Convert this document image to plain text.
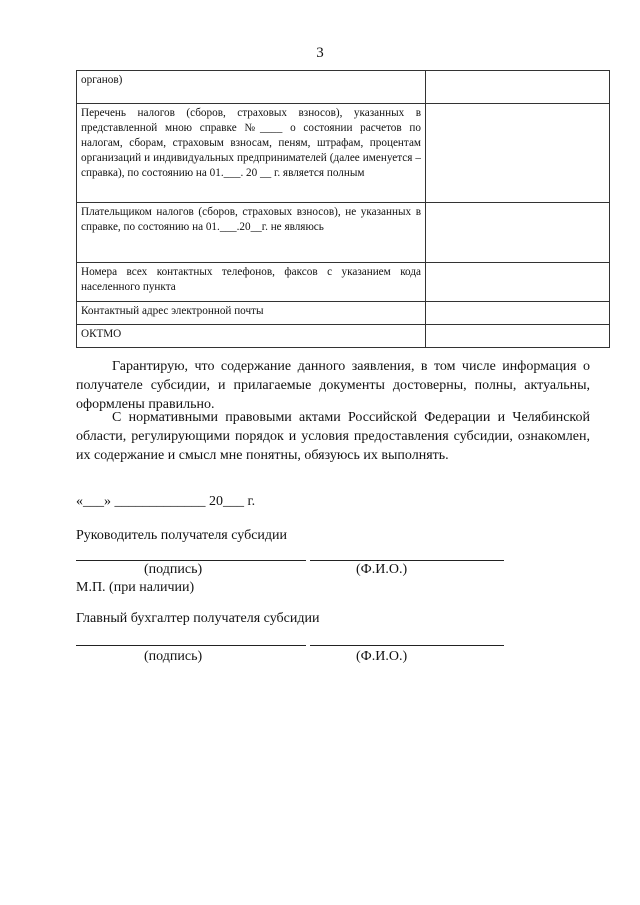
3
органов)	
Перечень налогов (сборов, страховых взносов), указанных в представленной мною справке №____ о состоянии расчетов по налогам, сборам, страховым взносам, пеням, штрафам, процентам организаций и индивидуальных предпринимателей (далее именуется – справка), по состоянию на 01.___. 20 __ г. является полным	
Плательщиком налогов (сборов, страховых взносов), не указанных в справке, по состоянию на 01.___.20__г. не являюсь	
Номера всех контактных телефонов, факсов с указанием кода населенного пункта	
Контактный адрес электронной почты	
ОКТМО	

Гарантирую, что содержание данного заявления, в том числе информация о получателе субсидии, и прилагаемые документы достоверны, полны, актуальны, оформлены правильно.

С нормативными правовыми актами Российской Федерации и Челябинской области, регулирующими порядок и условия предоставления субсидии, ознакомлен, их содержание и смысл мне понятны, обязуюсь их выполнять.

«___» _____________ 20___ г.
Руководитель получателя субсидии
(подпись)	(Ф.И.О.)
М.П. (при наличии)
Главный бухгалтер получателя субсидии
(подпись)	(Ф.И.О.)
